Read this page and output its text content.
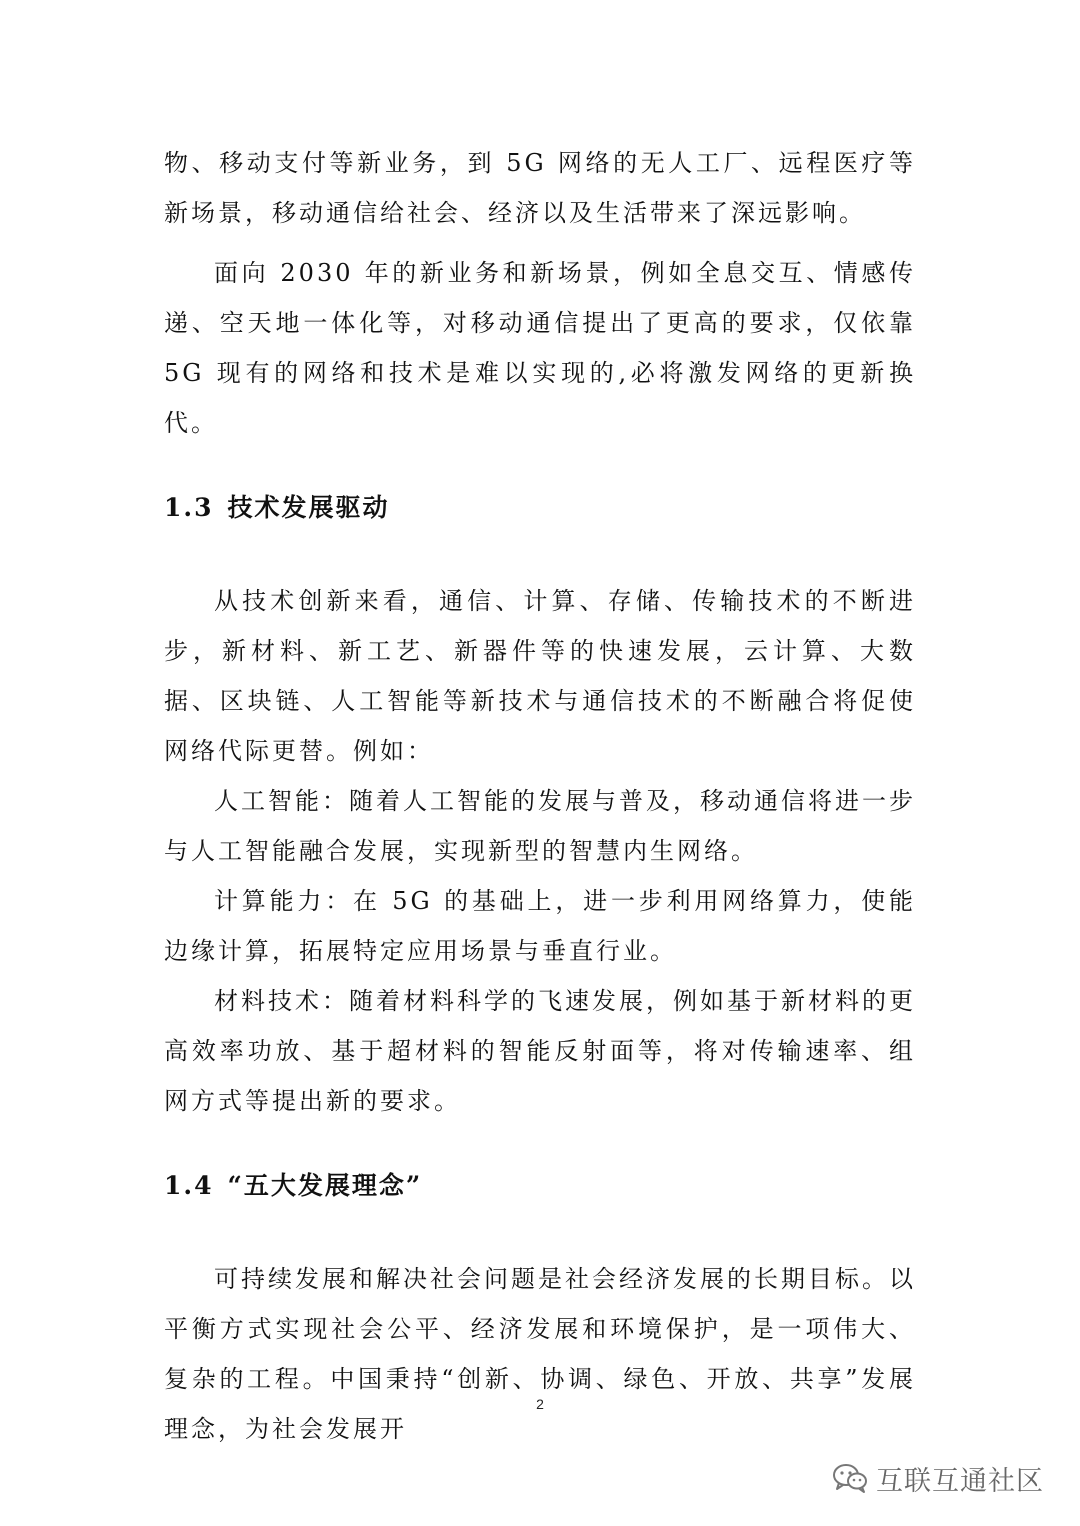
物、移动支付等新业务，到 5G 网络的无人工厂、远程医疗等新场景，移动通信给社会、经济以及生活带来了深远影响。

面向 2030 年的新业务和新场景，例如全息交互、情感传递、空天地一体化等，对移动通信提出了更高的要求，仅依靠 5G 现有的网络和技术是难以实现的,必将激发网络的更新换代。

1.3 技术发展驱动

从技术创新来看，通信、计算、存储、传输技术的不断进步，新材料、新工艺、新器件等的快速发展，云计算、大数据、区块链、人工智能等新技术与通信技术的不断融合将促使网络代际更替。例如：

人工智能：随着人工智能的发展与普及，移动通信将进一步与人工智能融合发展，实现新型的智慧内生网络。

计算能力：在 5G 的基础上，进一步利用网络算力，使能边缘计算，拓展特定应用场景与垂直行业。

材料技术：随着材料科学的飞速发展，例如基于新材料的更高效率功放、基于超材料的智能反射面等，将对传输速率、组网方式等提出新的要求。

1.4 “五大发展理念”

可持续发展和解决社会问题是社会经济发展的长期目标。以平衡方式实现社会公平、经济发展和环境保护，是一项伟大、复杂的工程。中国秉持“创新、协调、绿色、开放、共享”发展理念，为社会发展开

2
互联互通社区
